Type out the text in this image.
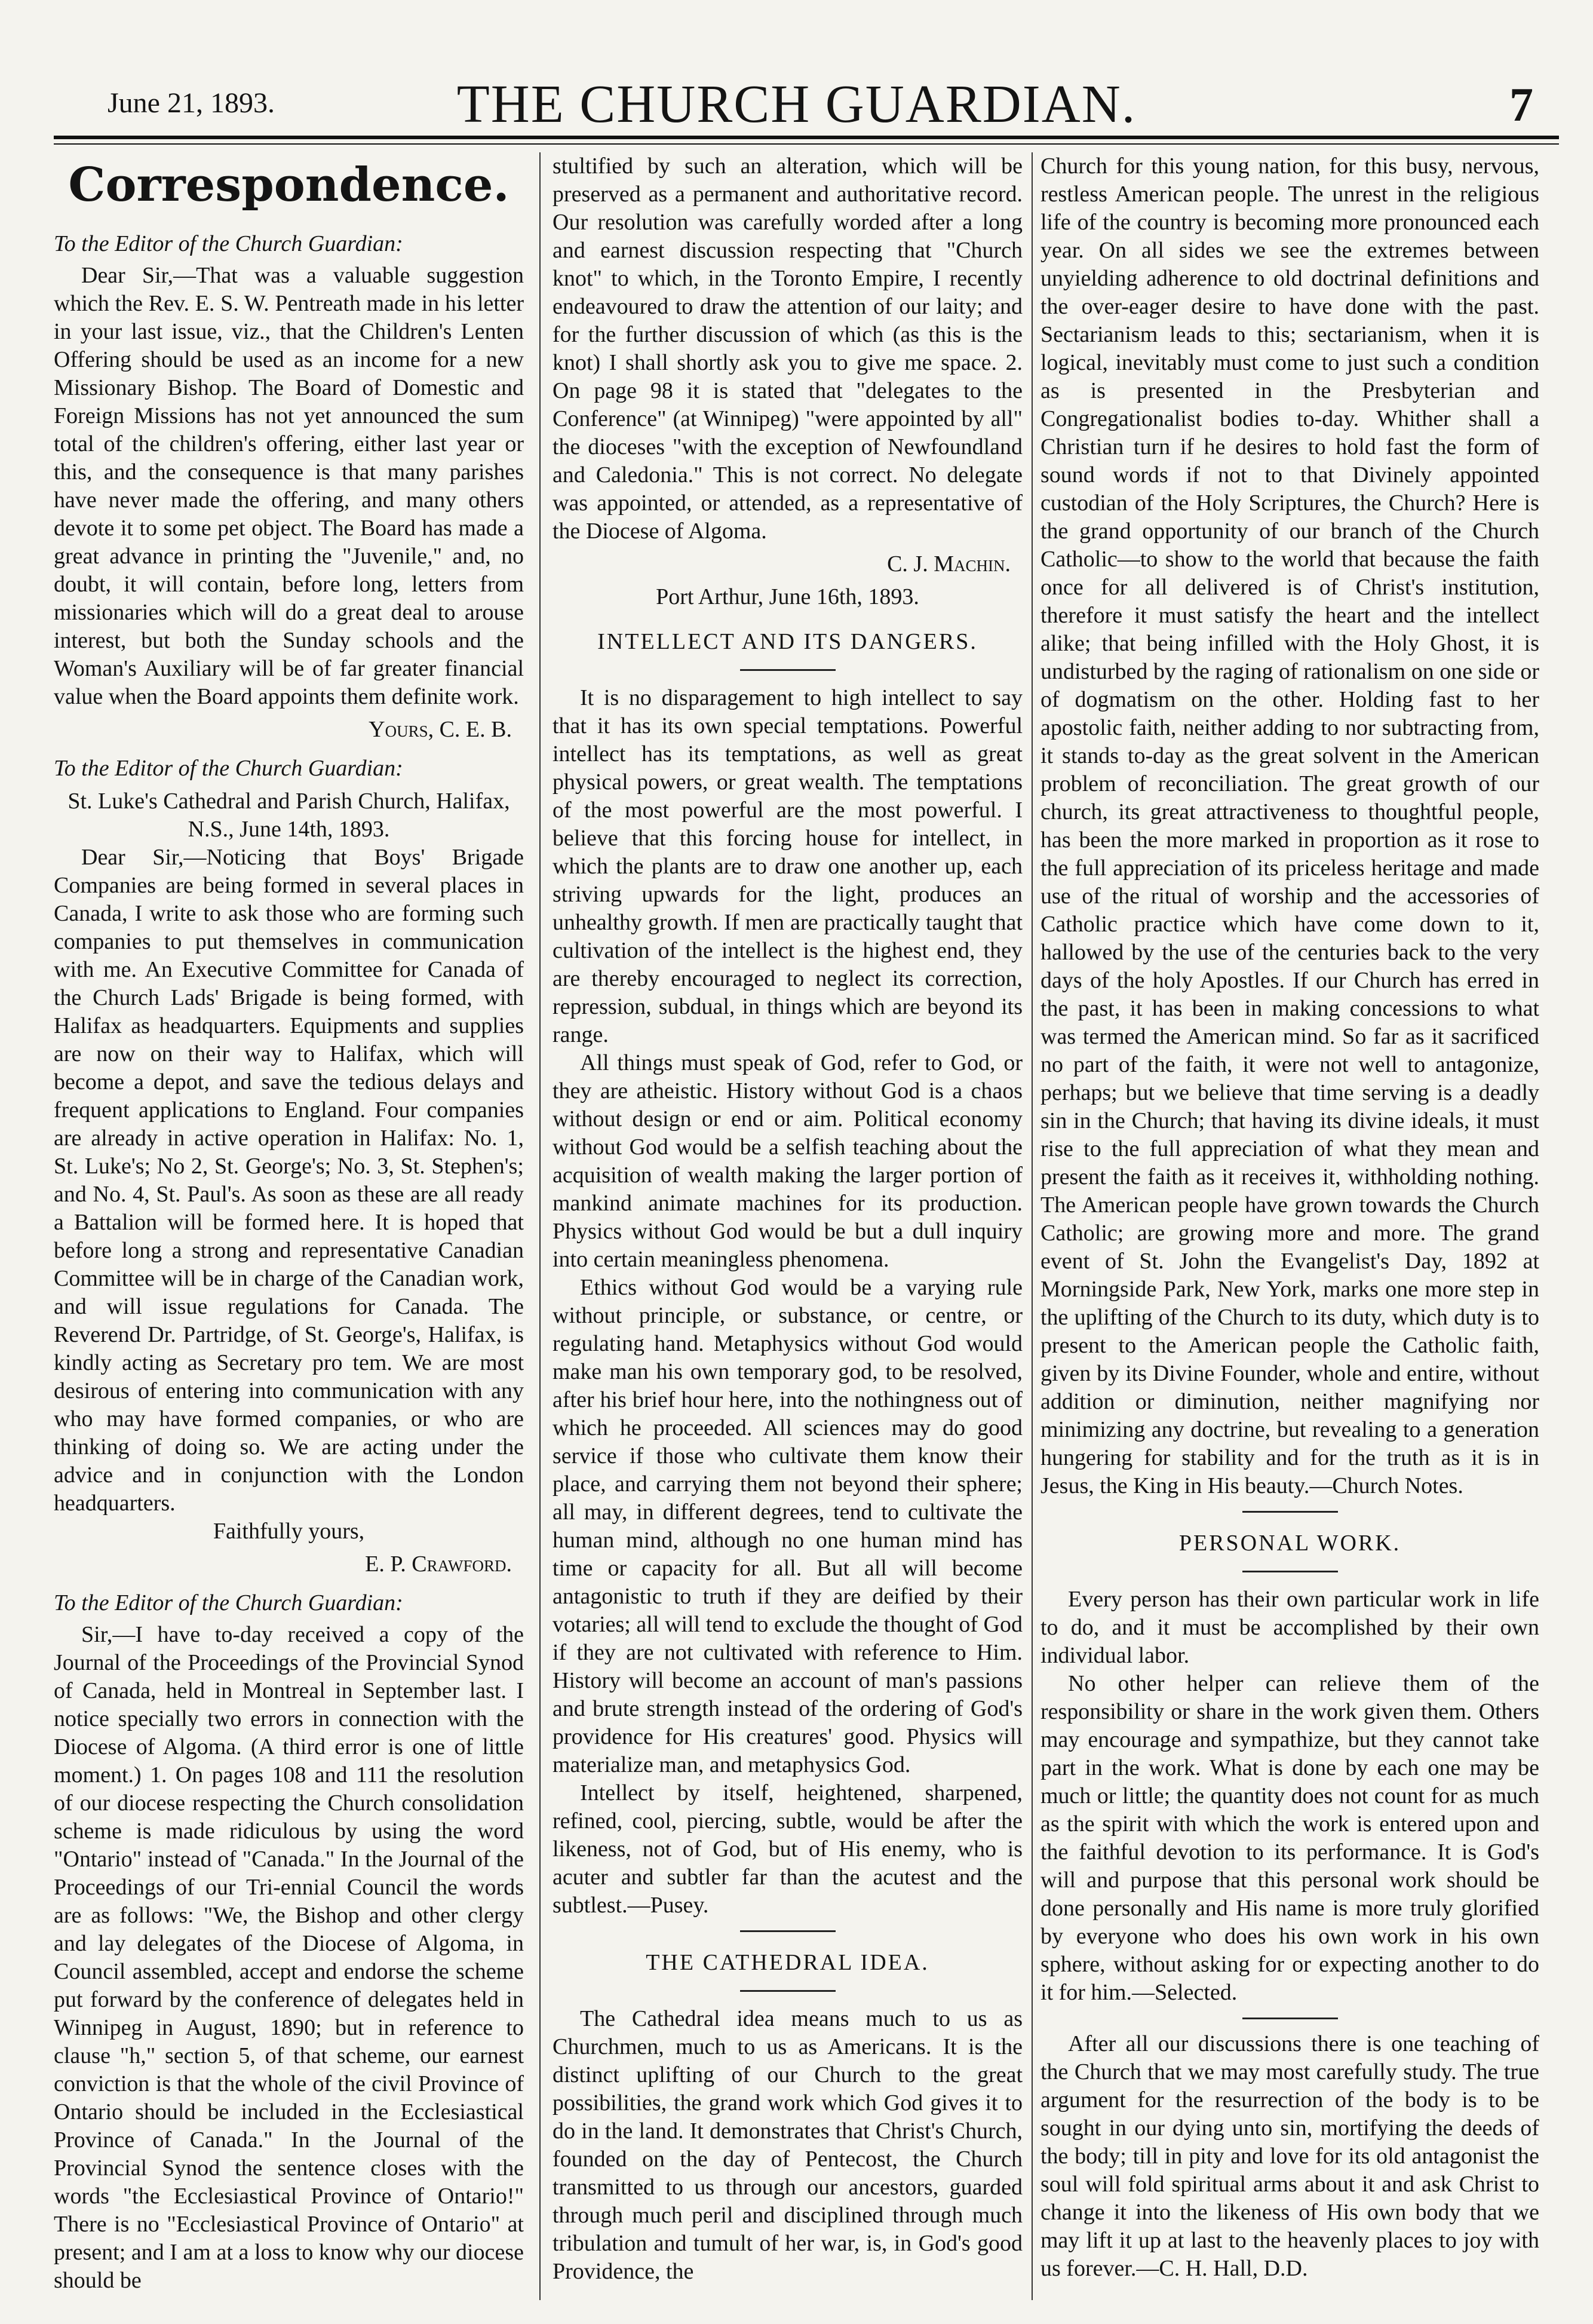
June 21, 1893.	THE CHURCH GUARDIAN.	7
Correspondence.
To the Editor of the Church Guardian:

Dear Sir,—That was a valuable suggestion which the Rev. E. S. W. Pentreath made in his letter in your last issue, viz., that the Children's Lenten Offering should be used as an income for a new Missionary Bishop. The Board of Domestic and Foreign Missions has not yet announced the sum total of the children's offering, either last year or this, and the consequence is that many parishes have never made the offering, and many others devote it to some pet object. The Board has made a great advance in printing the "Juvenile," and, no doubt, it will contain, before long, letters from missionaries which will do a great deal to arouse interest, but both the Sunday schools and the Woman's Auxiliary will be of far greater financial value when the Board appoints them definite work.

Yours, C. E. B.
To the Editor of the Church Guardian:
St. Luke's Cathedral and Parish Church, Halifax, N.S., June 14th, 1893.

Dear Sir,—Noticing that Boys' Brigade Companies are being formed in several places in Canada, I write to ask those who are forming such companies to put themselves in communication with me. An Executive Committee for Canada of the Church Lads' Brigade is being formed, with Halifax as headquarters. Equipments and supplies are now on their way to Halifax, which will become a depot, and save the tedious delays and frequent applications to England. Four companies are already in active operation in Halifax: No. 1, St. Luke's; No 2, St. George's; No. 3, St. Stephen's; and No. 4, St. Paul's. As soon as these are all ready a Battalion will be formed here. It is hoped that before long a strong and representative Canadian Committee will be in charge of the Canadian work, and will issue regulations for Canada. The Reverend Dr. Partridge, of St. George's, Halifax, is kindly acting as Secretary pro tem. We are most desirous of entering into communication with any who may have formed companies, or who are thinking of doing so. We are acting under the advice and in conjunction with the London headquarters.

Faithfully yours,
E. P. Crawford.
To the Editor of the Church Guardian:

Sir,—I have to-day received a copy of the Journal of the Proceedings of the Provincial Synod of Canada, held in Montreal in September last. I notice specially two errors in connection with the Diocese of Algoma. (A third error is one of little moment.) 1. On pages 108 and 111 the resolution of our diocese respecting the Church consolidation scheme is made ridiculous by using the word "Ontario" instead of "Canada." In the Journal of the Proceedings of our Tri-ennial Council the words are as follows: "We, the Bishop and other clergy and lay delegates of the Diocese of Algoma, in Council assembled, accept and endorse the scheme put forward by the conference of delegates held in Winnipeg in August, 1890; but in reference to clause "h," section 5, of that scheme, our earnest conviction is that the whole of the civil Province of Ontario should be included in the Ecclesiastical Province of Canada." In the Journal of the Provincial Synod the sentence closes with the words "the Ecclesiastical Province of Ontario!" There is no "Ecclesiastical Province of Ontario" at present; and I am at a loss to know why our diocese should be

stultified by such an alteration, which will be preserved as a permanent and authoritative record. Our resolution was carefully worded after a long and earnest discussion respecting that "Church knot" to which, in the Toronto Empire, I recently endeavoured to draw the attention of our laity; and for the further discussion of which (as this is the knot) I shall shortly ask you to give me space. 2. On page 98 it is stated that "delegates to the Conference" (at Winnipeg) "were appointed by all" the dioceses "with the exception of Newfoundland and Caledonia." This is not correct. No delegate was appointed, or attended, as a representative of the Diocese of Algoma.

C. J. Machin.
Port Arthur, June 16th, 1893.
INTELLECT AND ITS DANGERS.

It is no disparagement to high intellect to say that it has its own special temptations. Powerful intellect has its temptations, as well as great physical powers, or great wealth. The temptations of the most powerful are the most powerful. I believe that this forcing house for intellect, in which the plants are to draw one another up, each striving upwards for the light, produces an unhealthy growth. If men are practically taught that cultivation of the intellect is the highest end, they are thereby encouraged to neglect its correction, repression, subdual, in things which are beyond its range.

All things must speak of God, refer to God, or they are atheistic. History without God is a chaos without design or end or aim. Political economy without God would be a selfish teaching about the acquisition of wealth making the larger portion of mankind animate machines for its production. Physics without God would be but a dull inquiry into certain meaningless phenomena.

Ethics without God would be a varying rule without principle, or substance, or centre, or regulating hand. Metaphysics without God would make man his own temporary god, to be resolved, after his brief hour here, into the nothingness out of which he proceeded. All sciences may do good service if those who cultivate them know their place, and carrying them not beyond their sphere; all may, in different degrees, tend to cultivate the human mind, although no one human mind has time or capacity for all. But all will become antagonistic to truth if they are deified by their votaries; all will tend to exclude the thought of God if they are not cultivated with reference to Him. History will become an account of man's passions and brute strength instead of the ordering of God's providence for His creatures' good. Physics will materialize man, and metaphysics God.

Intellect by itself, heightened, sharpened, refined, cool, piercing, subtle, would be after the likeness, not of God, but of His enemy, who is acuter and subtler far than the acutest and the subtlest.—Pusey.

THE CATHEDRAL IDEA.

The Cathedral idea means much to us as Churchmen, much to us as Americans. It is the distinct uplifting of our Church to the great possibilities, the grand work which God gives it to do in the land. It demonstrates that Christ's Church, founded on the day of Pentecost, the Church transmitted to us through our ancestors, guarded through much peril and disciplined through much tribulation and tumult of her war, is, in God's good Providence, the

Church for this young nation, for this busy, nervous, restless American people. The unrest in the religious life of the country is becoming more pronounced each year. On all sides we see the extremes between unyielding adherence to old doctrinal definitions and the over-eager desire to have done with the past. Sectarianism leads to this; sectarianism, when it is logical, inevitably must come to just such a condition as is presented in the Presbyterian and Congregationalist bodies to-day. Whither shall a Christian turn if he desires to hold fast the form of sound words if not to that Divinely appointed custodian of the Holy Scriptures, the Church? Here is the grand opportunity of our branch of the Church Catholic—to show to the world that because the faith once for all delivered is of Christ's institution, therefore it must satisfy the heart and the intellect alike; that being infilled with the Holy Ghost, it is undisturbed by the raging of rationalism on one side or of dogmatism on the other. Holding fast to her apostolic faith, neither adding to nor subtracting from, it stands to-day as the great solvent in the American problem of reconciliation. The great growth of our church, its great attractiveness to thoughtful people, has been the more marked in proportion as it rose to the full appreciation of its priceless heritage and made use of the ritual of worship and the accessories of Catholic practice which have come down to it, hallowed by the use of the centuries back to the very days of the holy Apostles. If our Church has erred in the past, it has been in making concessions to what was termed the American mind. So far as it sacrificed no part of the faith, it were not well to antagonize, perhaps; but we believe that time serving is a deadly sin in the Church; that having its divine ideals, it must rise to the full appreciation of what they mean and present the faith as it receives it, withholding nothing. The American people have grown towards the Church Catholic; are growing more and more. The grand event of St. John the Evangelist's Day, 1892 at Morningside Park, New York, marks one more step in the uplifting of the Church to its duty, which duty is to present to the American people the Catholic faith, given by its Divine Founder, whole and entire, without addition or diminution, neither magnifying nor minimizing any doctrine, but revealing to a generation hungering for stability and for the truth as it is in Jesus, the King in His beauty.—Church Notes.

PERSONAL WORK.

Every person has their own particular work in life to do, and it must be accomplished by their own individual labor.

No other helper can relieve them of the responsibility or share in the work given them. Others may encourage and sympathize, but they cannot take part in the work. What is done by each one may be much or little; the quantity does not count for as much as the spirit with which the work is entered upon and the faithful devotion to its performance. It is God's will and purpose that this personal work should be done personally and His name is more truly glorified by everyone who does his own work in his own sphere, without asking for or expecting another to do it for him.—Selected.

After all our discussions there is one teaching of the Church that we may most carefully study. The true argument for the resurrection of the body is to be sought in our dying unto sin, mortifying the deeds of the body; till in pity and love for its old antagonist the soul will fold spiritual arms about it and ask Christ to change it into the likeness of His own body that we may lift it up at last to the heavenly places to joy with us forever.—C. H. Hall, D.D.
